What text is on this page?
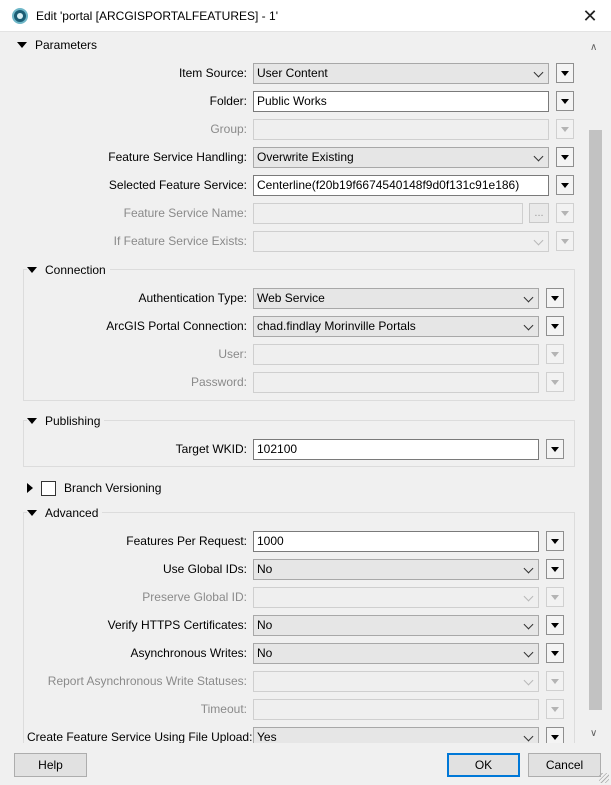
Edit 'portal [ARCGISPORTALFEATURES] - 1'	✕
Parameters
Item Source: User Content
Folder: Public Works
Group:
Feature Service Handling: Overwrite Existing
Selected Feature Service: Centerline(f20b19f6674540148f9d0f131c91e186)
Feature Service Name:	...
If Feature Service Exists:
Connection
Authentication Type: Web Service
ArcGIS Portal Connection: chad.findlay Morinville Portals
User:
Password:
Publishing
Target WKID: 102100
Branch Versioning
Advanced
Features Per Request: 1000
Use Global IDs: No
Preserve Global ID:
Verify HTTPS Certificates: No
Asynchronous Writes: No
Report Asynchronous Write Statuses:
Timeout:
Create Feature Service Using File Upload: Yes
∧
∨
Help	OK	Cancel
